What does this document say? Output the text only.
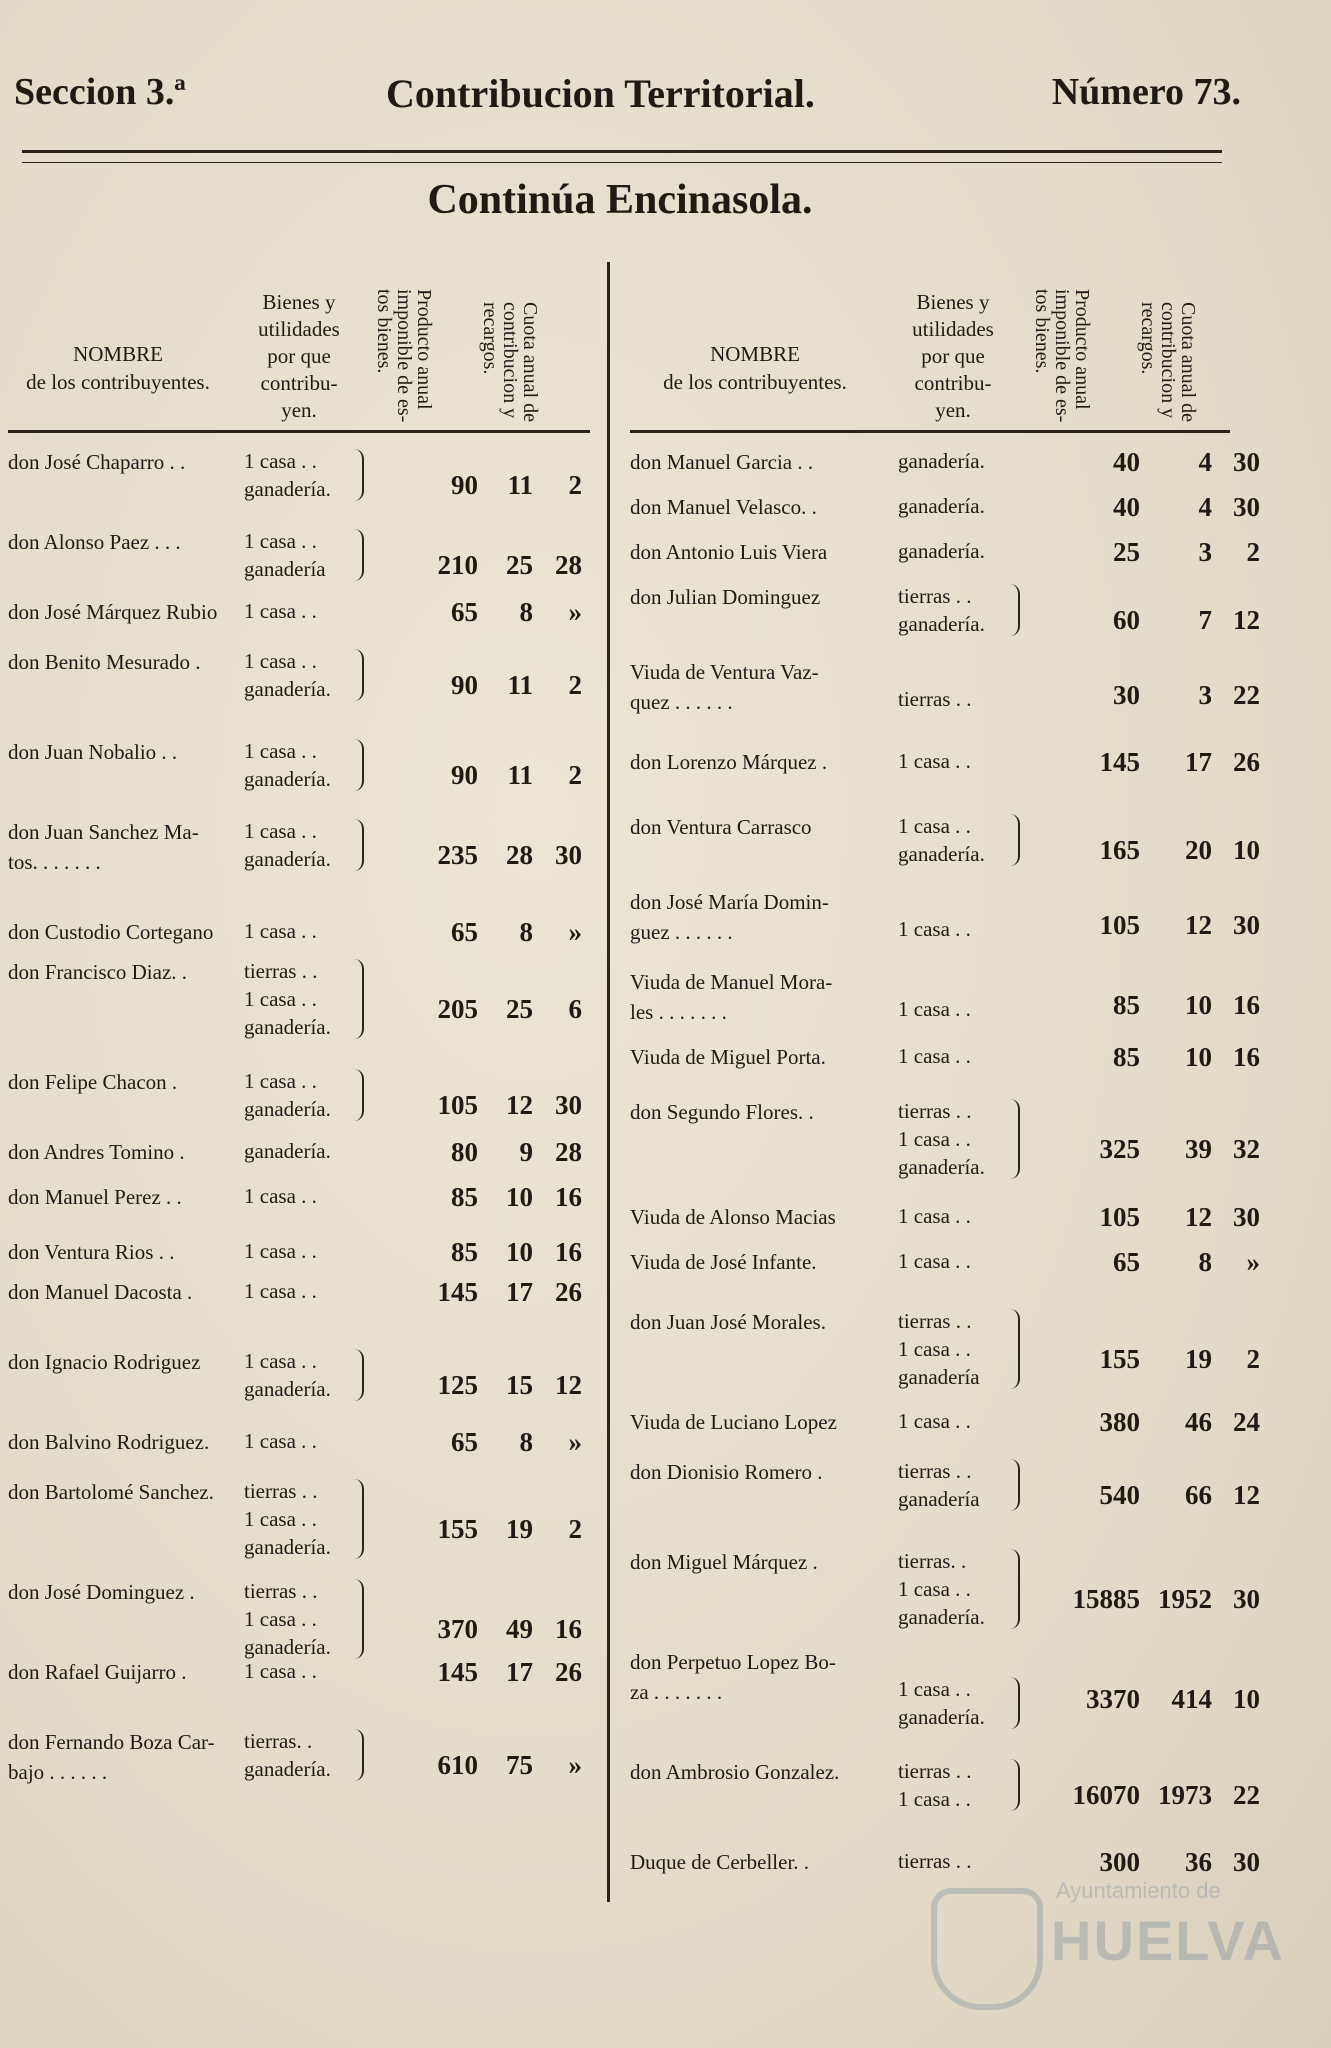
Seccion 3.ª	Contribucion Territorial.	Número 73.
Continúa Encinasola.
NOMBRE
de los contribuyentes.
Bienes y
utilidades
por que
contribu-
yen.
Producto anual
imponible de es-
tos bienes.	Cuota anual de
contribucion y
recargos.
don José Chaparro . .	1 casa . .
ganadería.	90	11	2
don Alonso Paez . . .	1 casa . .
ganadería	210	25 28
don José Márquez Rubio 1 casa . .	65	8	»
don Benito Mesurado . 1 casa . .
ganadería.	90	11	2
don Juan Nobalio . .	1 casa . .
ganadería.	90	11	2
don Juan Sanchez Ma-
tos. . . . . . .
1 casa . .
ganadería.	235	28 30
don Custodio Cortegano 1 casa . .	65	8	»
don Francisco Diaz. .	tierras . .
1 casa . .
ganadería.
205	25	6
don Felipe Chacon .	1 casa . .
ganadería.	105	12 30
don Andres Tomino .	ganadería.	80	9 28
don Manuel Perez . .	1 casa . .	85	10 16
don Ventura Rios . .	1 casa . .	85	10 16
don Manuel Dacosta . 1 casa . .	145	17 26
don Ignacio Rodriguez 1 casa . .
ganadería.	125	15 12
don Balvino Rodriguez. 1 casa . .	65	8	»
don Bartolomé Sanchez. tierras . .
1 casa . .
ganadería.
155	19	2
don José Dominguez . tierras . .
1 casa . .
ganadería.
370	49 16
don Rafael Guijarro .	1 casa . .	145	17 26
don Fernando Boza Car-
bajo . . . . . .
tierras. .
ganadería.	610	75	»
NOMBRE
de los contribuyentes.
Bienes y
utilidades
por que
contribu-
yen.
Producto anual
imponible de es-
tos bienes.	Cuota anual de
contribucion y
recargos.
don Manuel Garcia . .	ganadería.	40	4 30
don Manuel Velasco. .	ganadería.	40	4 30
don Antonio Luis Viera	ganadería.	25	3	2
don Julian Dominguez	tierras . .
ganadería.	60	7 12
Viuda de Ventura Vaz-
quez . . . . . .	tierras . .	30	3 22
don Lorenzo Márquez .	1 casa . .	145	17 26
don Ventura Carrasco	1 casa . .
ganadería.	165	20 10
don José María Domin-
guez . . . . . .	1 casa . .	105	12 30
Viuda de Manuel Mora-
les . . . . . . .	1 casa . .	85	10 16
Viuda de Miguel Porta.	1 casa . .	85	10 16
don Segundo Flores. .	tierras . .
1 casa . .
ganadería.
325	39 32
Viuda de Alonso Macias	1 casa . .	105	12 30
Viuda de José Infante.	1 casa . .	65	8	»
don Juan José Morales.	tierras . .
1 casa . .
ganadería
155	19	2
Viuda de Luciano Lopez	1 casa . .	380	46 24
don Dionisio Romero .	tierras . .
ganadería	540	66 12
don Miguel Márquez .	tierras. .
1 casa . .
ganadería.
15885 1952 30
don Perpetuo Lopez Bo-
za . . . . . . .	1 casa . .
ganadería.
3370	414 10
don Ambrosio Gonzalez.	tierras . .
1 casa . .	16070 1973 22
Duque de Cerbeller. .	tierras . .	300	36 30
Ayuntamiento de
HUELVA
